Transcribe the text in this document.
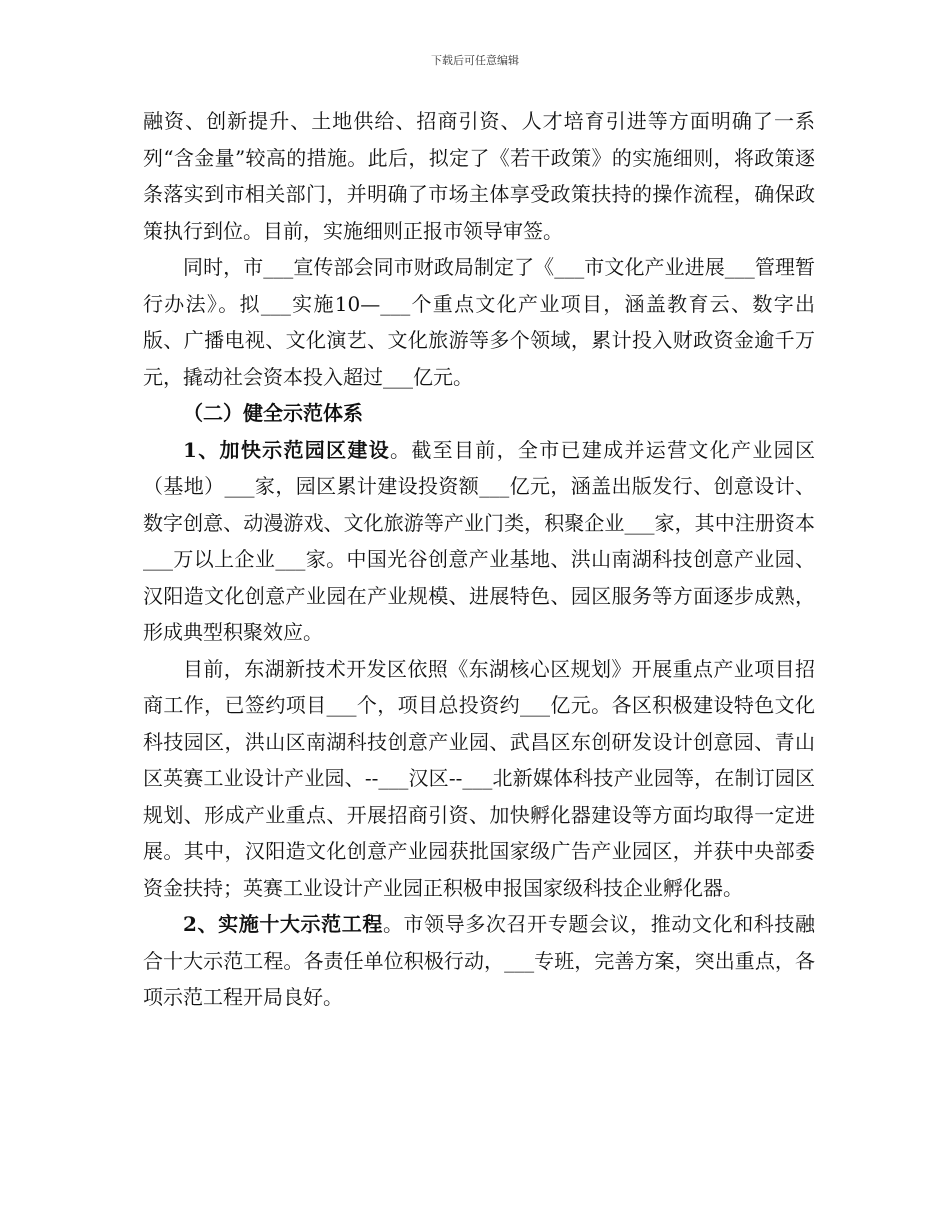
下载后可任意编辑

融资、创新提升、土地供给、招商引资、人才培育引进等方面明确了一系列“含金量”较高的措施。此后，拟定了《若干政策》的实施细则，将政策逐条落实到市相关部门，并明确了市场主体享受政策扶持的操作流程，确保政策执行到位。目前，实施细则正报市领导审签。

同时，市___宣传部会同市财政局制定了《___市文化产业进展___管理暂行办法》。拟___实施10—___个重点文化产业项目，涵盖教育云、数字出版、广播电视、文化演艺、文化旅游等多个领域，累计投入财政资金逾千万元，撬动社会资本投入超过___亿元。

（二）健全示范体系

1、加快示范园区建设。截至目前，全市已建成并运营文化产业园区（基地）___家，园区累计建设投资额___亿元，涵盖出版发行、创意设计、数字创意、动漫游戏、文化旅游等产业门类，积聚企业___家，其中注册资本___万以上企业___家。中国光谷创意产业基地、洪山南湖科技创意产业园、汉阳造文化创意产业园在产业规模、进展特色、园区服务等方面逐步成熟，形成典型积聚效应。

目前，东湖新技术开发区依照《东湖核心区规划》开展重点产业项目招商工作，已签约项目___个，项目总投资约___亿元。各区积极建设特色文化科技园区，洪山区南湖科技创意产业园、武昌区东创研发设计创意园、青山区英赛工业设计产业园、--___汉区--___北新媒体科技产业园等，在制订园区规划、形成产业重点、开展招商引资、加快孵化器建设等方面均取得一定进展。其中，汉阳造文化创意产业园获批国家级广告产业园区，并获中央部委资金扶持；英赛工业设计产业园正积极申报国家级科技企业孵化器。

2、实施十大示范工程。市领导多次召开专题会议，推动文化和科技融合十大示范工程。各责任单位积极行动，___专班，完善方案，突出重点，各项示范工程开局良好。
